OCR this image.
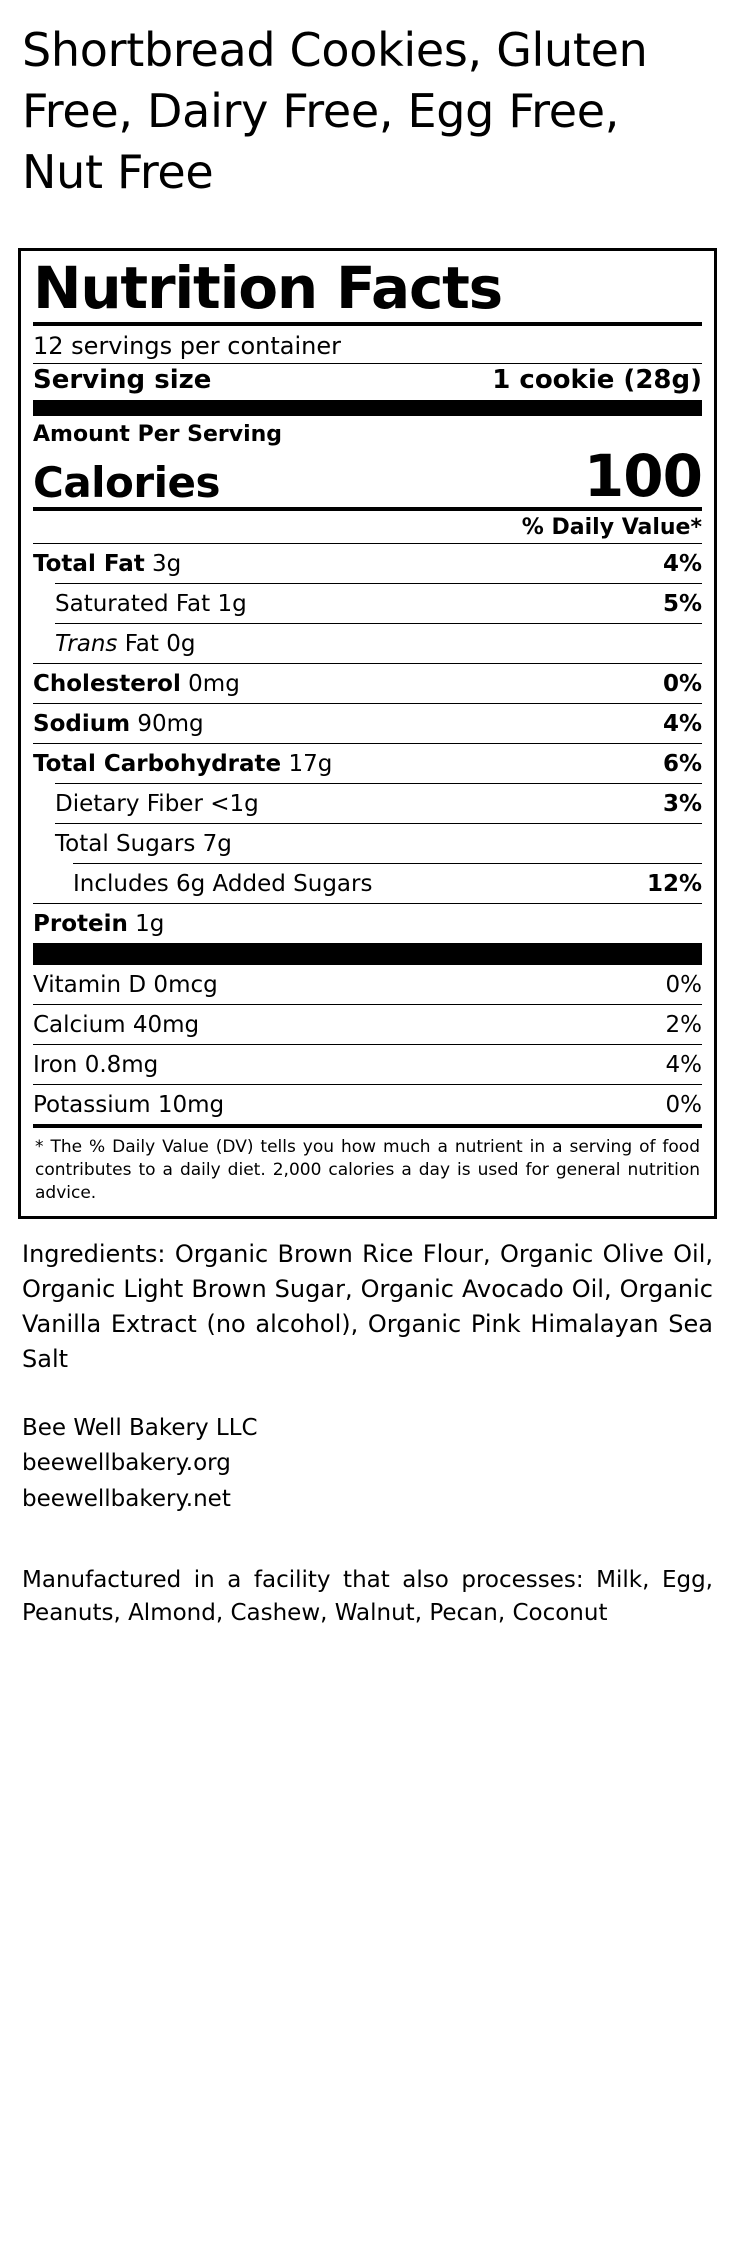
Shortbread Cookies, Gluten Free, Dairy Free, Egg Free, Nut Free
Nutrition Facts
12 servings per container
Serving size	1 cookie (28g)
Amount Per Serving
Calories	100
% Daily Value*
Total Fat 3g	4%
Saturated Fat 1g	5%
Trans Fat 0g
Cholesterol 0mg	0%
Sodium 90mg	4%
Total Carbohydrate 17g	6%
Dietary Fiber <1g	3%
Total Sugars 7g
Includes 6g Added Sugars	12%
Protein 1g
Vitamin D 0mcg	0%
Calcium 40mg	2%
Iron 0.8mg	4%
Potassium 10mg	0%
* The % Daily Value (DV) tells you how much a nutrient in a serving of food contributes to a daily diet. 2,000 calories a day is used for general nutrition advice.
Ingredients: Organic Brown Rice Flour, Organic Olive Oil, Organic Light Brown Sugar, Organic Avocado Oil, Organic Vanilla Extract (no alcohol), Organic Pink Himalayan Sea Salt
Bee Well Bakery LLC
beewellbakery.org
beewellbakery.net
Manufactured in a facility that also processes: Milk, Egg, Peanuts, Almond, Cashew, Walnut, Pecan, Coconut
